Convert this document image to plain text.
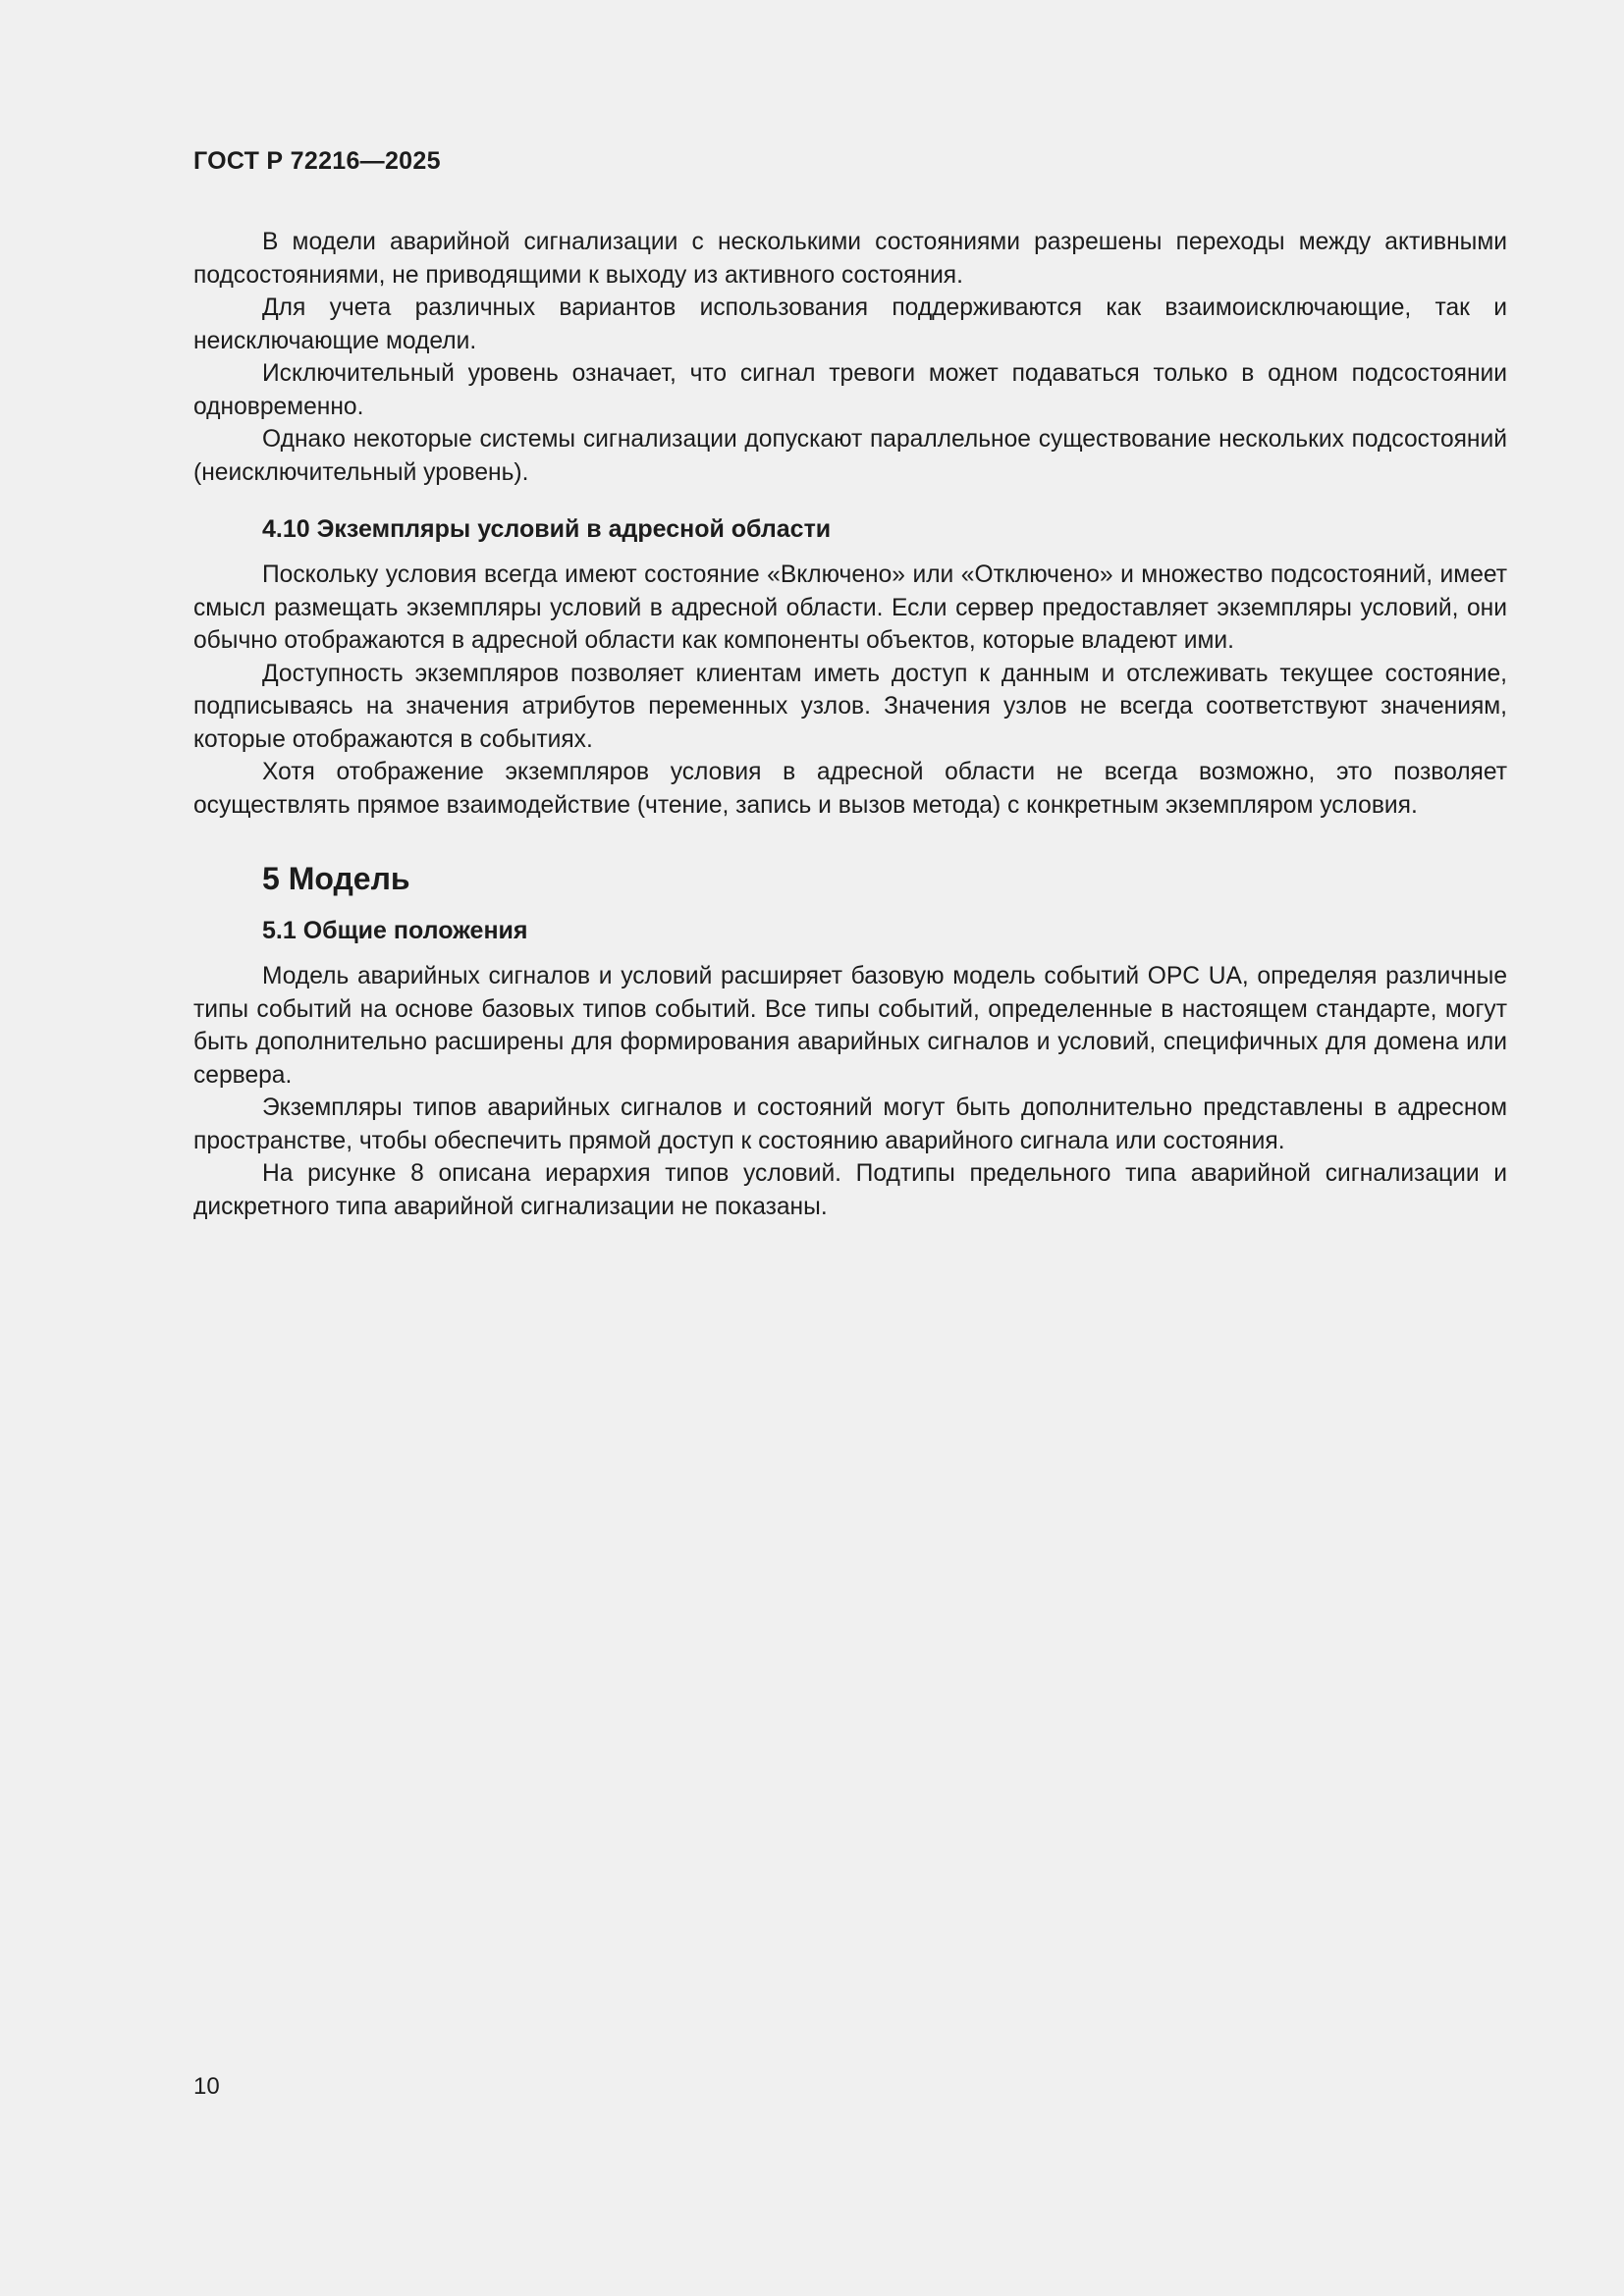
ГОСТ Р 72216—2025

В модели аварийной сигнализации с несколькими состояниями разрешены переходы между активными подсостояниями, не приводящими к выходу из активного состояния.

Для учета различных вариантов использования поддерживаются как взаимоисключающие, так и неисключающие модели.

Исключительный уровень означает, что сигнал тревоги может подаваться только в одном подсостоянии одновременно.

Однако некоторые системы сигнализации допускают параллельное существование нескольких подсостояний (неисключительный уровень).

4.10 Экземпляры условий в адресной области

Поскольку условия всегда имеют состояние «Включено» или «Отключено» и множество подсостояний, имеет смысл размещать экземпляры условий в адресной области. Если сервер предоставляет экземпляры условий, они обычно отображаются в адресной области как компоненты объектов, которые владеют ими.

Доступность экземпляров позволяет клиентам иметь доступ к данным и отслеживать текущее состояние, подписываясь на значения атрибутов переменных узлов. Значения узлов не всегда соответствуют значениям, которые отображаются в событиях.

Хотя отображение экземпляров условия в адресной области не всегда возможно, это позволяет осуществлять прямое взаимодействие (чтение, запись и вызов метода) с конкретным экземпляром условия.

5 Модель
5.1 Общие положения

Модель аварийных сигналов и условий расширяет базовую модель событий OPC UA, определяя различные типы событий на основе базовых типов событий. Все типы событий, определенные в настоящем стандарте, могут быть дополнительно расширены для формирования аварийных сигналов и условий, специфичных для домена или сервера.

Экземпляры типов аварийных сигналов и состояний могут быть дополнительно представлены в адресном пространстве, чтобы обеспечить прямой доступ к состоянию аварийного сигнала или состояния.

На рисунке 8 описана иерархия типов условий. Подтипы предельного типа аварийной сигнализации и дискретного типа аварийной сигнализации не показаны.

10
